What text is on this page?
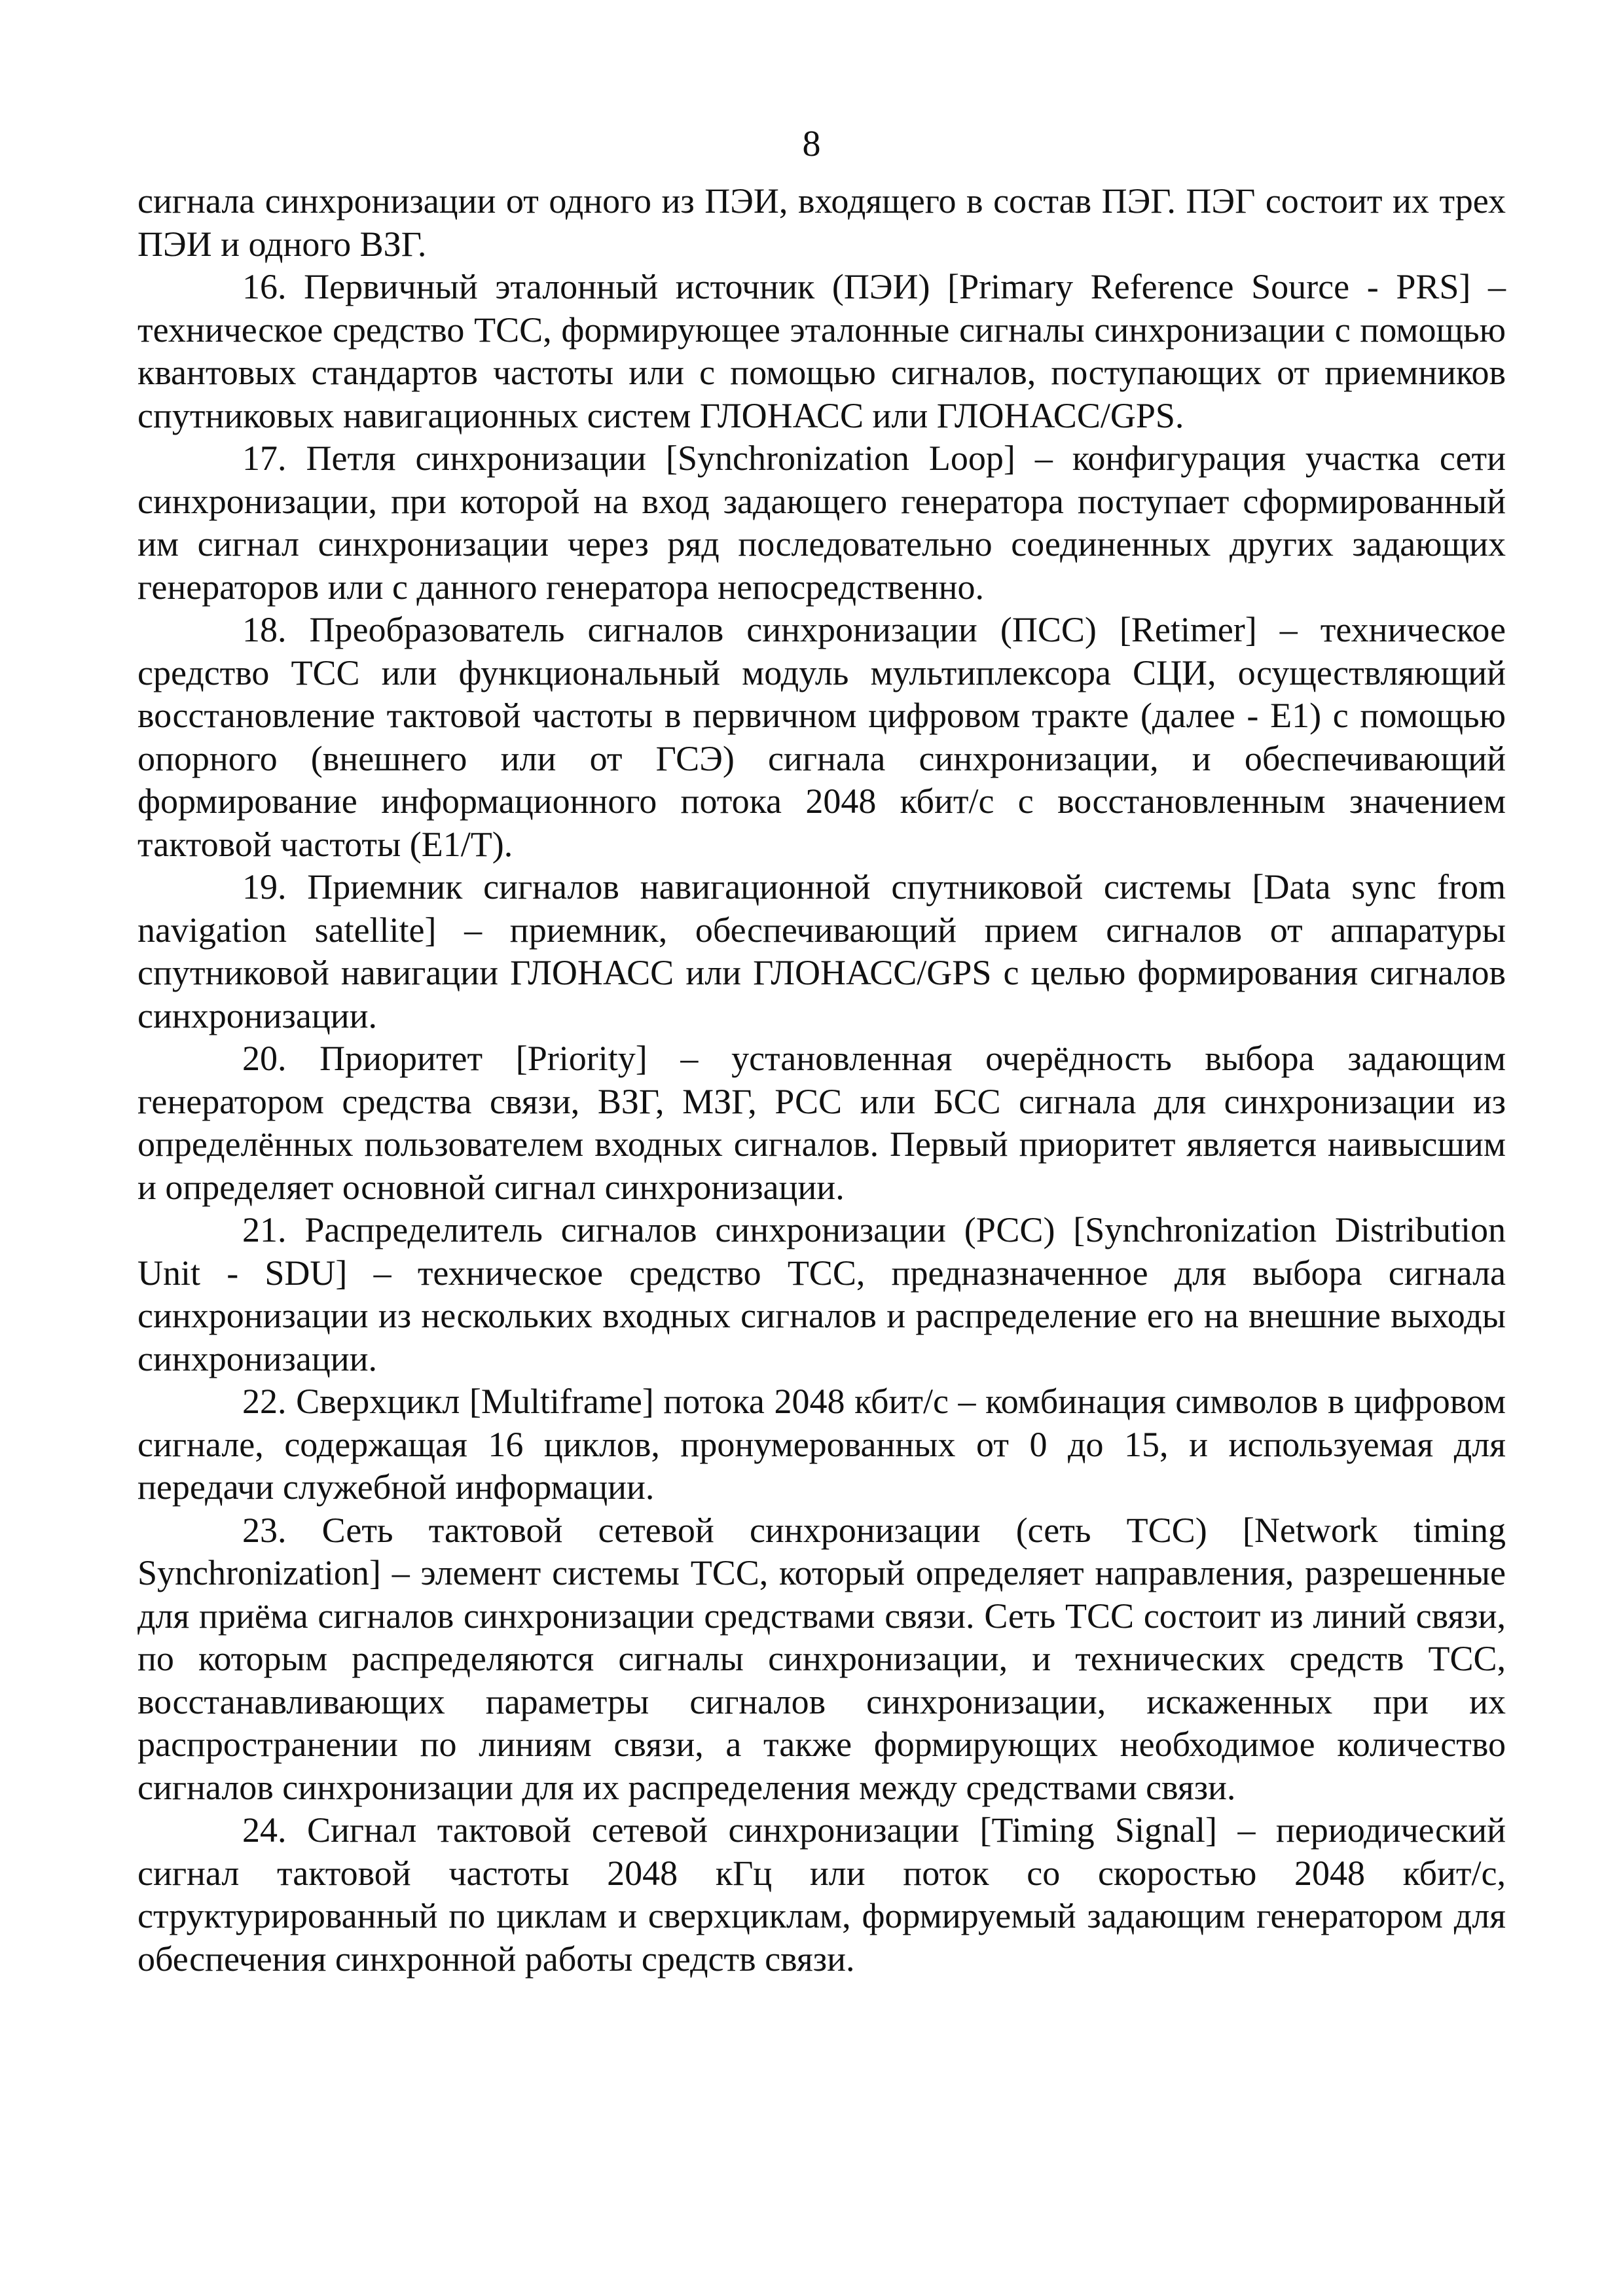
8

сигнала синхронизации от одного из ПЭИ, входящего в состав ПЭГ. ПЭГ состоит их трех ПЭИ и одного ВЗГ.

16. Первичный эталонный источник (ПЭИ) [Primary Reference Source - PRS] – техническое средство ТСС, формирующее эталонные сигналы синхронизации с помощью квантовых стандартов частоты или с помощью сигналов, поступающих от приемников спутниковых навигационных систем ГЛОНАСС или ГЛОНАСС/GPS.

17. Петля синхронизации [Synchronization Loop] – конфигурация участка сети синхронизации, при которой на вход задающего генератора поступает сформированный им сигнал синхронизации через ряд последовательно соединенных других задающих генераторов или с данного генератора непосредственно.

18. Преобразователь сигналов синхронизации (ПСС) [Retimer] – техническое средство ТСС или функциональный модуль мультиплексора СЦИ, осуществляющий восстановление тактовой частоты в первичном цифровом тракте (далее - Е1) с помощью опорного (внешнего или от ГСЭ) сигнала синхронизации, и обеспечивающий формирование информационного потока 2048 кбит/с с восстановленным значением тактовой частоты (Е1/Т).

19. Приемник сигналов навигационной спутниковой системы [Data sync from navigation satellite] – приемник, обеспечивающий прием сигналов от аппаратуры спутниковой навигации ГЛОНАСС или ГЛОНАСС/GPS с целью формирования сигналов синхронизации.

20. Приоритет [Priority] – установленная очерёдность выбора задающим генератором средства связи, ВЗГ, МЗГ, РСС или БСС сигнала для синхронизации из определённых пользователем входных сигналов. Первый приоритет является наивысшим и определяет основной сигнал синхронизации.

21. Распределитель сигналов синхронизации (РСС) [Synchronization Distribution Unit - SDU] – техническое средство ТСС, предназначенное для выбора сигнала синхронизации из нескольких входных сигналов и распределение его на внешние выходы синхронизации.

22. Сверхцикл [Multiframe] потока 2048 кбит/с – комбинация символов в цифровом сигнале, содержащая 16 циклов, пронумерованных от 0 до 15, и используемая для передачи служебной информации.

23. Сеть тактовой сетевой синхронизации (сеть ТСС) [Network timing Synchronization] – элемент системы ТСС, который определяет направления, разрешенные для приёма сигналов синхронизации средствами связи. Сеть ТСС состоит из линий связи, по которым распределяются сигналы синхронизации, и технических средств ТСС, восстанавливающих параметры сигналов синхронизации, искаженных при их распространении по линиям связи, а также формирующих необходимое количество сигналов синхронизации для их распределения между средствами связи.

24. Сигнал тактовой сетевой синхронизации [Timing Signal] – периодический сигнал тактовой частоты 2048 кГц или поток со скоростью 2048 кбит/с, структурированный по циклам и сверхциклам, формируемый задающим генератором для обеспечения синхронной работы средств связи.
